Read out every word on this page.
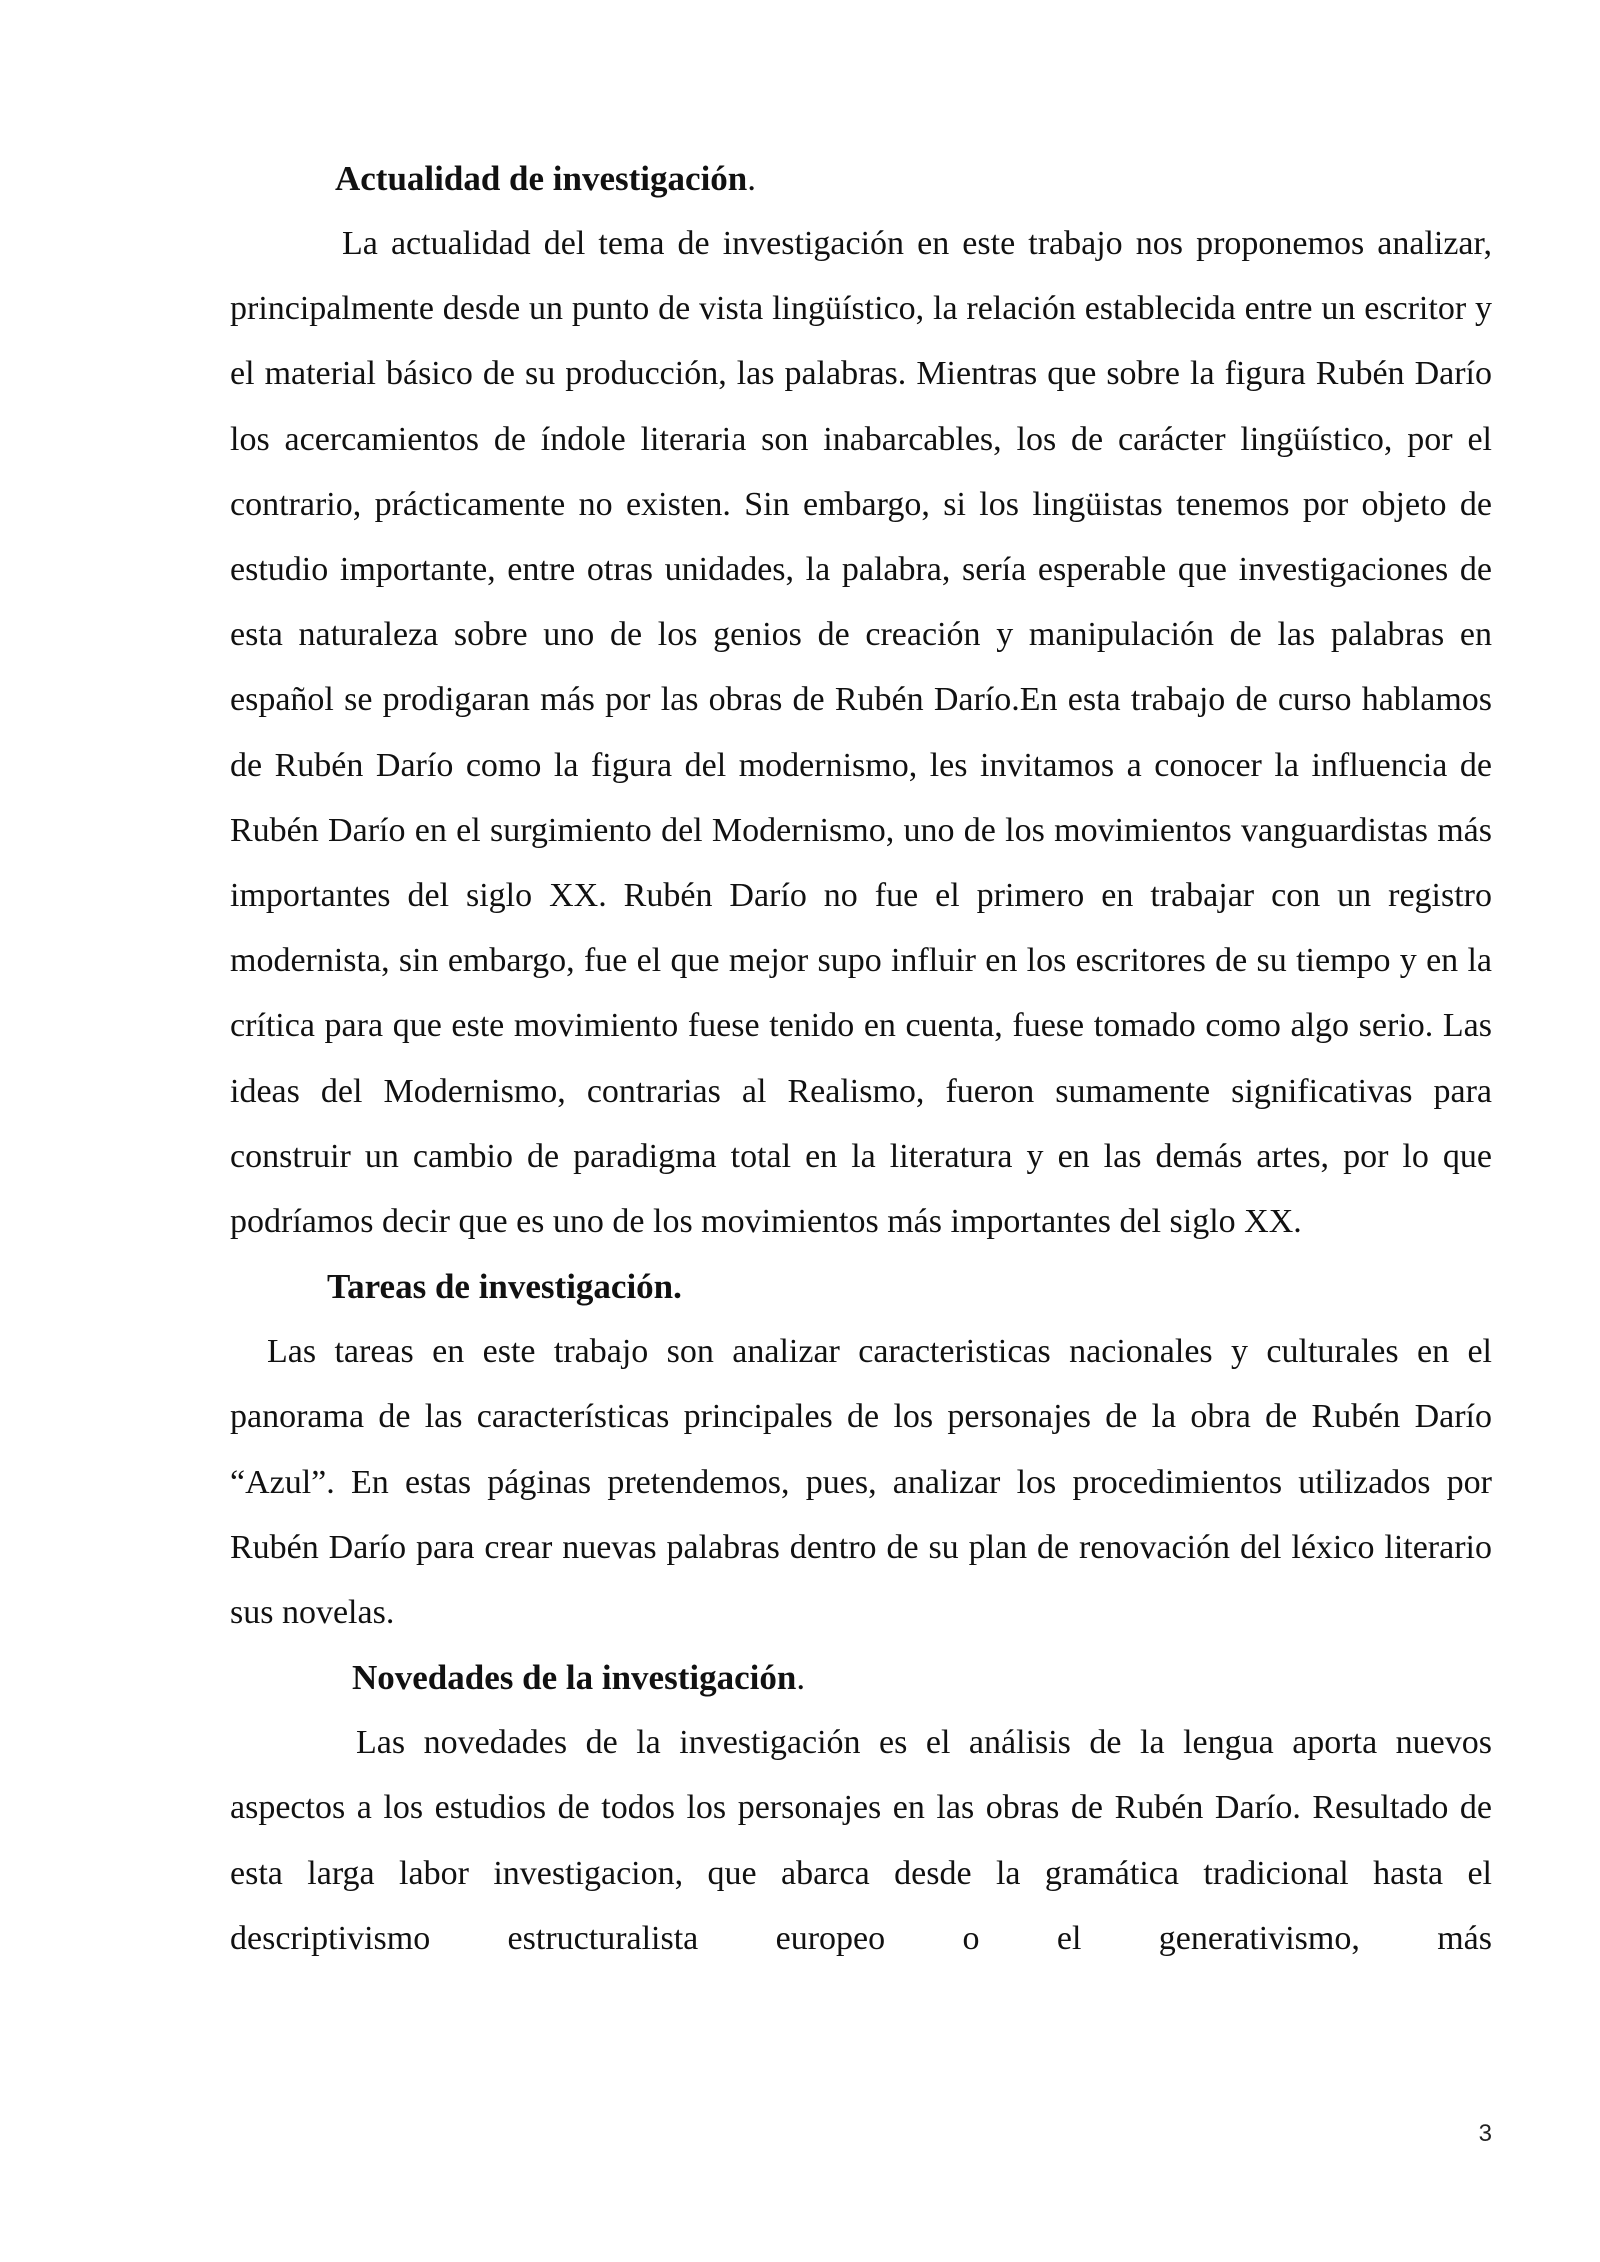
Actualidad de investigación.

La actualidad del tema de investigación en este trabajo nos proponemos analizar, principalmente desde un punto de vista lingüístico, la relación establecida entre un escritor y el material básico de su producción, las palabras. Mientras que sobre la figura Rubén Darío los acercamientos de índole literaria son inabarcables, los de carácter lingüístico, por el contrario, prácticamente no existen. Sin embargo, si los lingüistas tenemos por objeto de estudio importante, entre otras unidades, la palabra, sería esperable que investigaciones de esta naturaleza sobre uno de los genios de creación y manipulación de las palabras en español se prodigaran más por las obras de Rubén Darío.En esta trabajo de curso hablamos de Rubén Darío como la figura del modernismo, les invitamos a conocer la influencia de Rubén Darío en el surgimiento del Modernismo, uno de los movimientos vanguardistas más importantes del siglo XX. Rubén Darío no fue el primero en trabajar con un registro modernista, sin embargo, fue el que mejor supo influir en los escritores de su tiempo y en la crítica para que este movimiento fuese tenido en cuenta, fuese tomado como algo serio. Las ideas del Modernismo, contrarias al Realismo, fueron sumamente significativas para construir un cambio de paradigma total en la literatura y en las demás artes, por lo que podríamos decir que es uno de los movimientos más importantes del siglo XX.

Tareas de investigación.

Las tareas en este trabajo son analizar caracteristicas nacionales y culturales en el panorama de las características principales de los personajes de la obra de Rubén Darío “Azul”. En estas páginas pretendemos, pues, analizar los procedimientos utilizados por Rubén Darío para crear nuevas palabras dentro de su plan de renovación del léxico literario sus novelas.

Novedades de la investigación.

Las novedades de la investigación es el análisis de la lengua aporta nuevos aspectos a los estudios de todos los personajes en las obras de Rubén Darío. Resultado de esta larga labor investigacion, que abarca desde la gramática tradicional hasta el descriptivismo estructuralista europeo o el generativismo, más

3
